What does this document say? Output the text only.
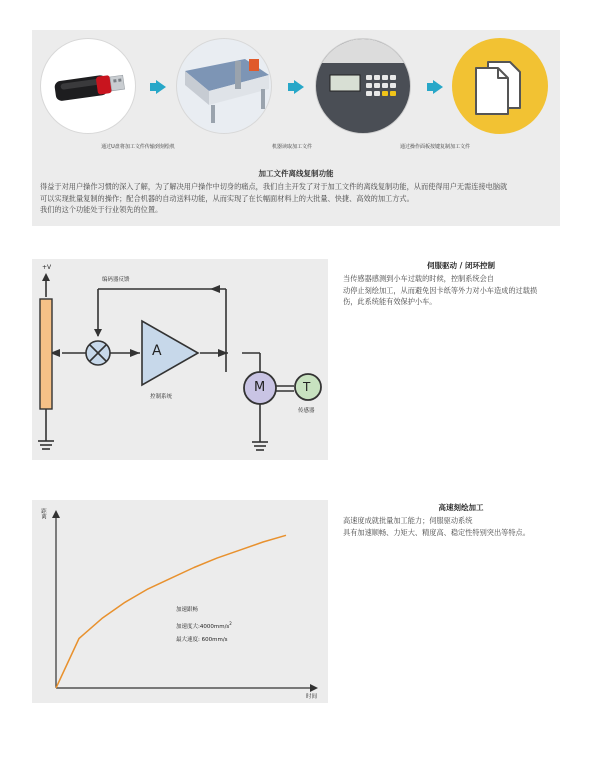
通过U盘将加工文件传输到刻绘机	机器读取加工文件	通过操作面板按键复制加工文件
加工文件离线复制功能

得益于对用户操作习惯的深入了解，为了解决用户操作中切身的痛点，我们自主开发了对于加工文件的离线复制功能，从而使得用户无需连接电脑就

可以实现批量复制的操作；配合机器的自动送料功能，从而实现了在长幅面材料上的大批量、快捷、高效的加工方式。

我们的这个功能处于行业领先的位置。

+V
编码器反馈
A
控制系统
M	T
传感器
伺服驱动 / 闭环控制

当传感器感测到小车过载的时候，控制系统会自

动停止刻绘加工，从而避免因卡纸等外力对小车造成的过载损

伤，此系统能有效保护小车。

距离
时间
加速跟畅
加速度大$:4000mm/s^2$
最大速度: 600mm/s
高速刻绘加工

高速度成就批量加工能力；伺服驱动系统

具有加速顺畅、力矩大、精度高、稳定性特别突出等特点。
